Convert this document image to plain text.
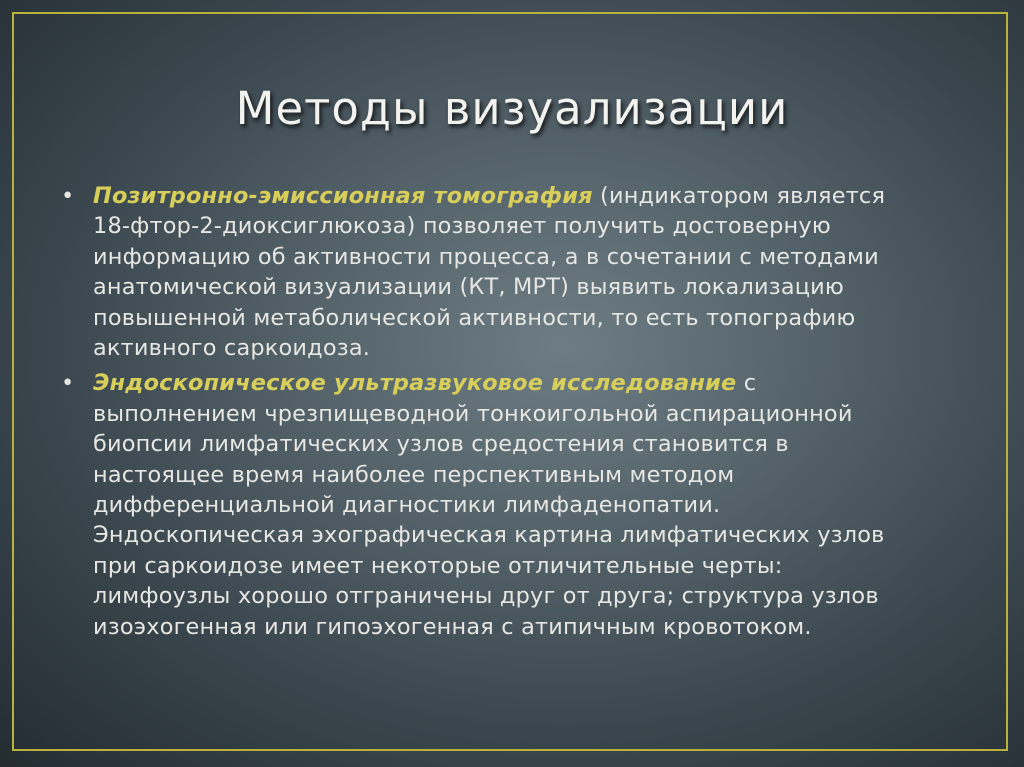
Методы визуализации
• Позитронно-эмиссионная томография (индикатором является
18-фтор-2-диоксиглюкоза) позволяет получить достоверную
информацию об активности процесса, а в сочетании с методами
анатомической визуализации (КТ, МРТ) выявить локализацию
повышенной метаболической активности, то есть топографию
активного саркоидоза.
• Эндоскопическое ультразвуковое исследование с
выполнением чрезпищеводной тонкоигольной аспирационной
биопсии лимфатических узлов средостения становится в
настоящее время наиболее перспективным методом
дифференциальной диагностики лимфаденопатии.
Эндоскопическая эхографическая картина лимфатических узлов
при саркоидозе имеет некоторые отличительные черты:
лимфоузлы хорошо отграничены друг от друга; структура узлов
изоэхогенная или гипоэхогенная с атипичным кровотоком.
